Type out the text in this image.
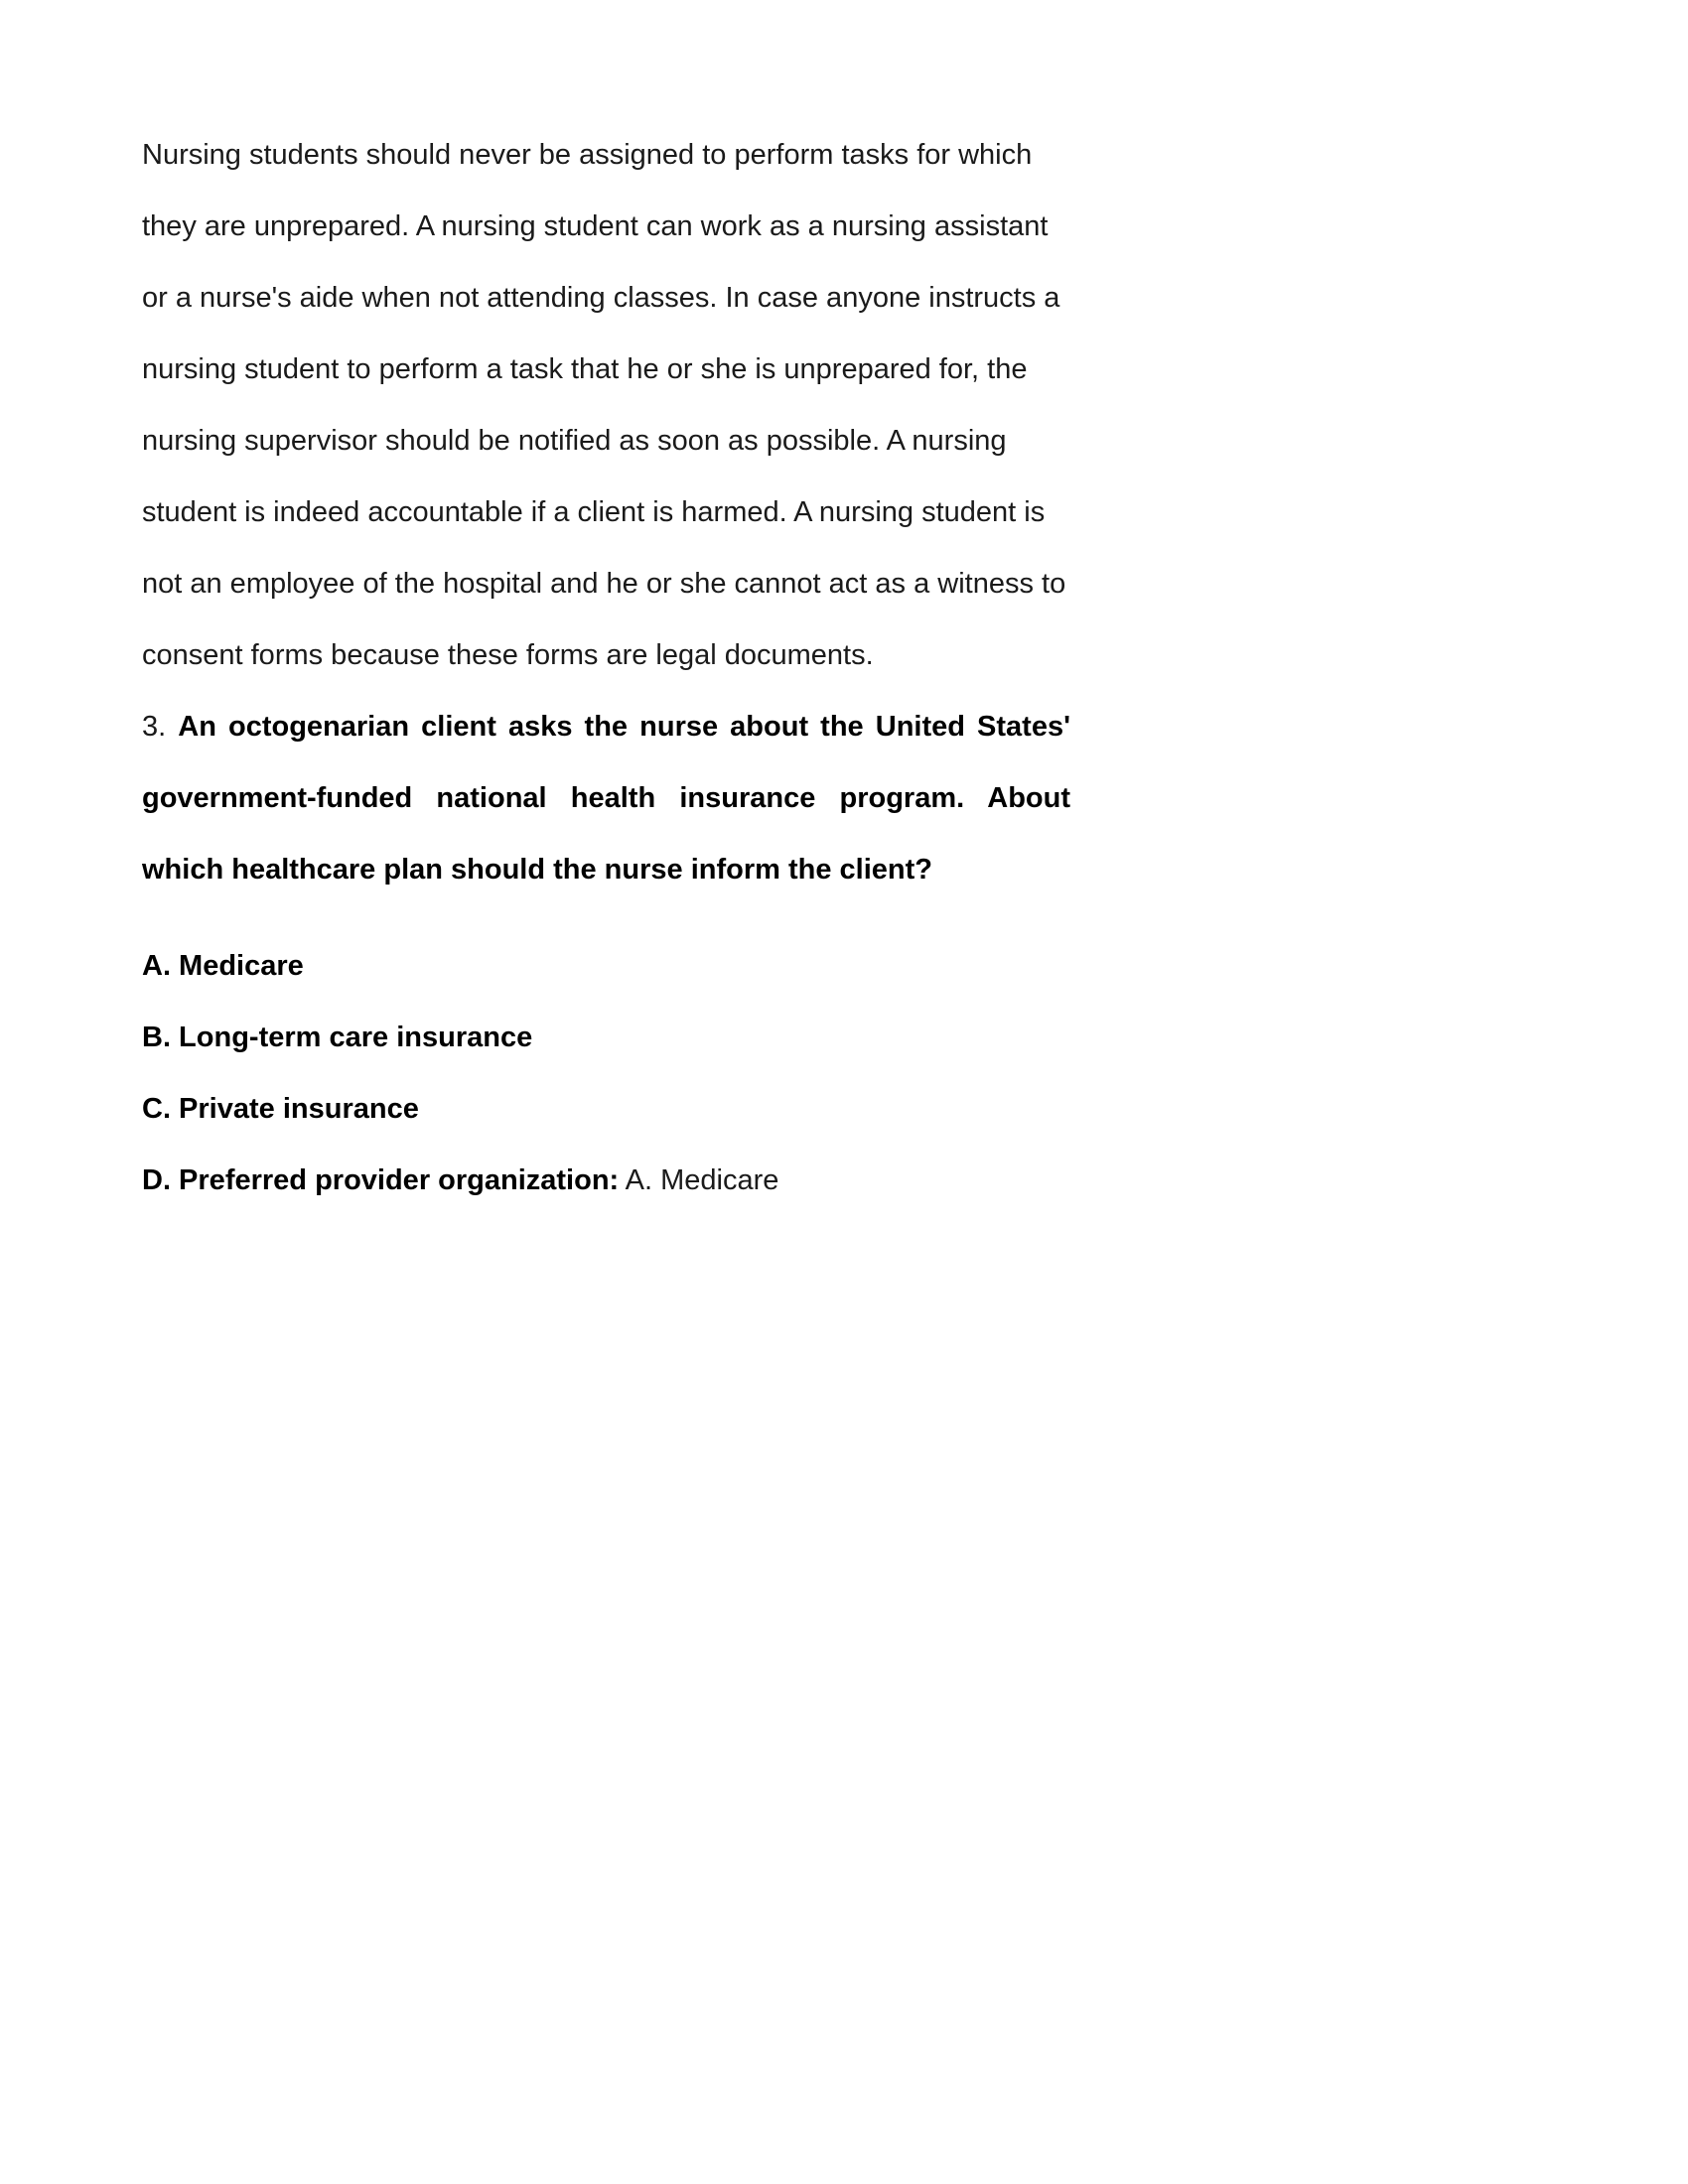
Nursing students should never be assigned to perform tasks for which they are unprepared. A nursing student can work as a nursing assistant or a nurse's aide when not attending classes. In case anyone instructs a nursing student to perform a task that he or she is unprepared for, the nursing supervisor should be notified as soon as possible. A nursing student is indeed accountable if a client is harmed. A nursing student is not an employee of the hospital and he or she cannot act as a witness to consent forms because these forms are legal documents.

3. An octogenarian client asks the nurse about the United States' government-funded national health insurance program. About which healthcare plan should the nurse inform the client?

A. Medicare
B. Long-term care insurance
C. Private insurance
D. Preferred provider organization: A. Medicare
